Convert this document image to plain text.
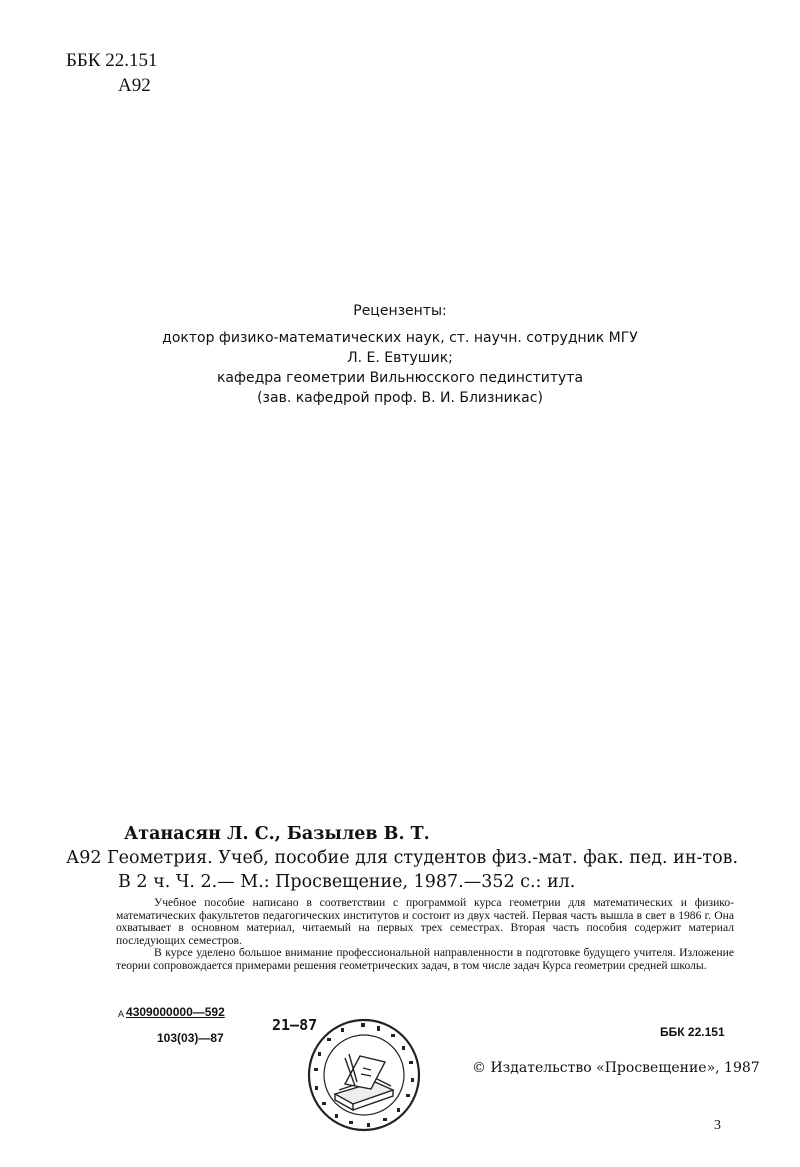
ББК 22.151
А92
Рецензенты:
доктор физико-математических наук, ст. научн. сотрудник МГУ
Л. Е. Евтушик;
кафедра геометрии Вильнюсского пединститута
(зав. кафедрой проф. В. И. Близникас)
Атанасян Л. С., Базылев В. Т.
А92 Геометрия. Учеб, пособие для студентов физ.-мат. фак. пед. ин-тов.
В 2 ч. Ч. 2.— М.: Просвещение, 1987.—352 с.: ил.

Учебное пособие написано в соответствии с программой курса геометрии для математических и физико-математических факультетов педагогических институтов и состоит из двух частей. Первая часть вышла в свет в 1986 г. Она охватывает в основном материал, читаемый на первых трех семестрах. Вторая часть пособия содержит материал последующих семестров.

В курсе уделено большое внимание профессиональной направленности в подготовке будущего учителя. Изложение теории сопровождается примерами решения геометрических задач, в том числе задач Курса геометрии средней школы.

А 4309000000—592
103(03)—87
21—87	ББК 22.151
© Издательство «Просвещение», 1987
3
